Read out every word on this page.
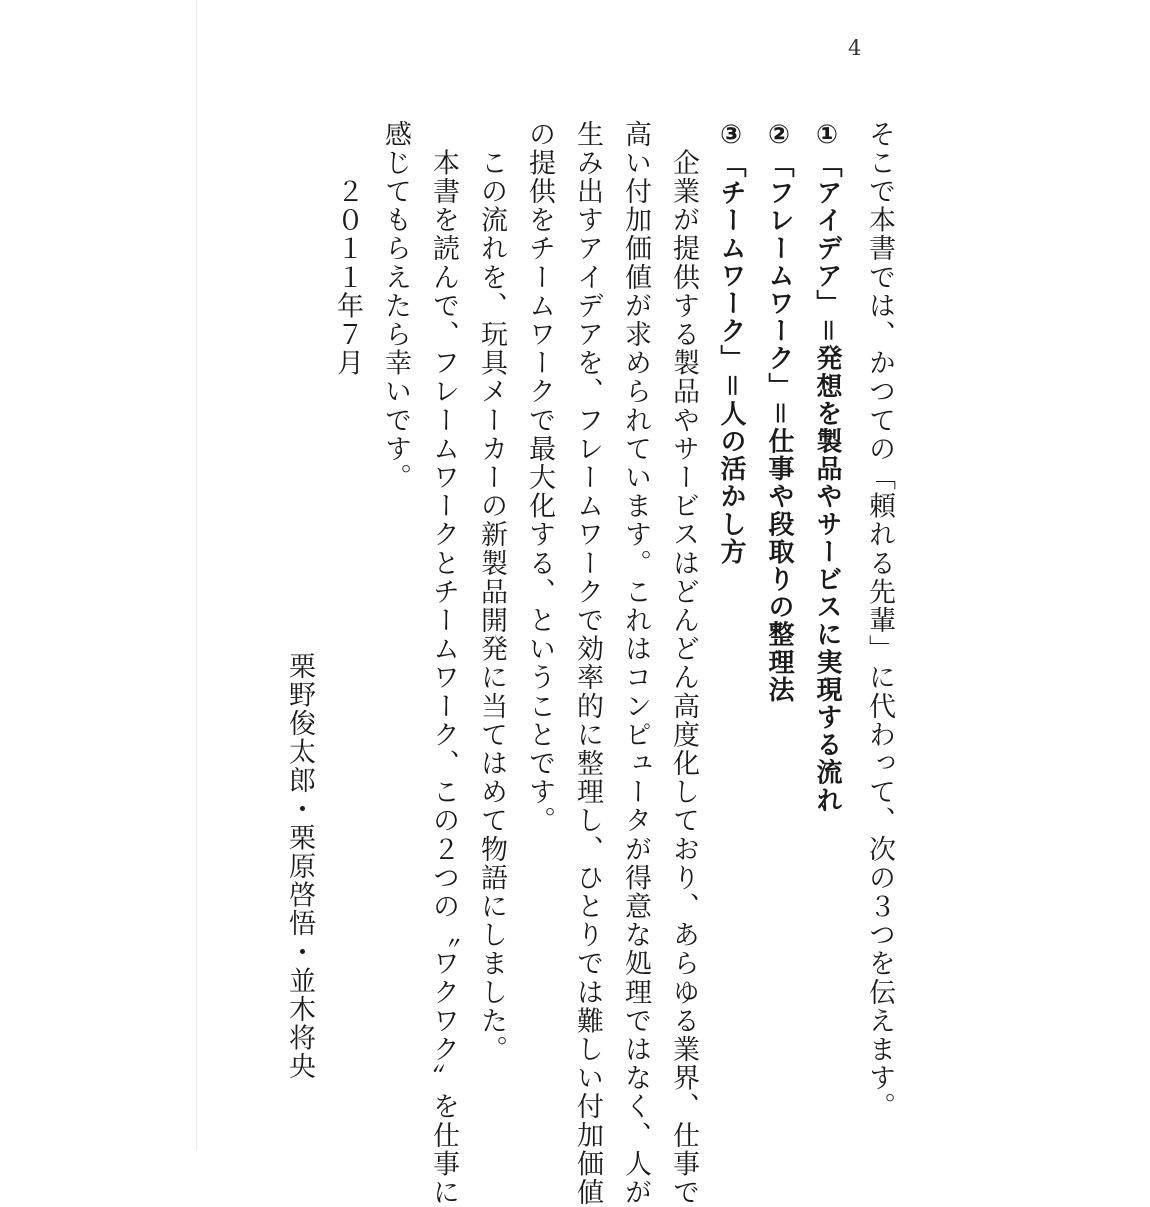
4
そこで本書では、かつての「頼れる先輩」に代わって、次の３つを伝えます。
①「アイデア」＝発想を製品やサービスに実現する流れ
②「フレームワーク」＝仕事や段取りの整理法
③「チームワーク」＝人の活かし方
　企業が提供する製品やサービスはどんどん高度化しており、あらゆる業界、仕事で
高い付加価値が求められています。これはコンピュータが得意な処理ではなく、人が
生み出すアイデアを、フレームワークで効率的に整理し、ひとりでは難しい付加価値
の提供をチームワークで最大化する、ということです。
　この流れを、玩具メーカーの新製品開発に当てはめて物語にしました。
　本書を読んで、フレームワークとチームワーク、この２つの〝ワクワク〟を仕事に
感じてもらえたら幸いです。
　　２０１１年７月
栗野俊太郎・栗原啓悟・並木将央
